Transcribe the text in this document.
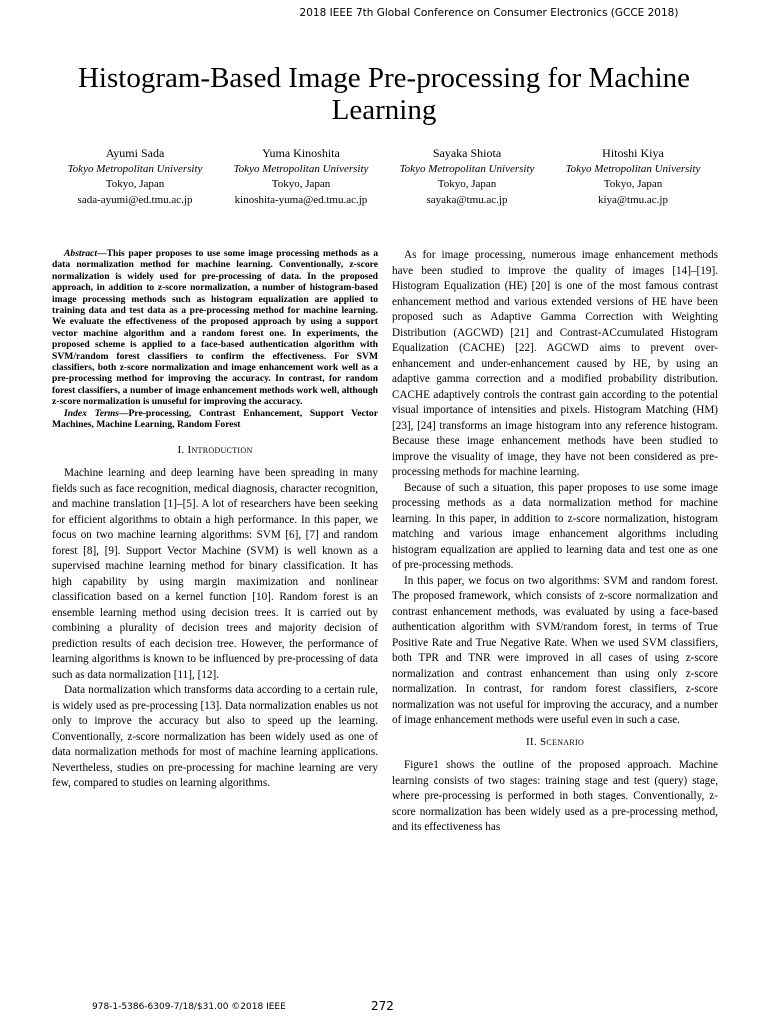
2018 IEEE 7th Global Conference on Consumer Electronics (GCCE 2018)
Histogram-Based Image Pre-processing for Machine Learning
Ayumi Sada
Tokyo Metropolitan University
Tokyo, Japan
sada-ayumi@ed.tmu.ac.jp
Yuma Kinoshita
Tokyo Metropolitan University
Tokyo, Japan
kinoshita-yuma@ed.tmu.ac.jp
Sayaka Shiota
Tokyo Metropolitan University
Tokyo, Japan
sayaka@tmu.ac.jp
Hitoshi Kiya
Tokyo Metropolitan University
Tokyo, Japan
kiya@tmu.ac.jp

Abstract—This paper proposes to use some image processing methods as a data normalization method for machine learning. Conventionally, z-score normalization is widely used for pre-processing of data. In the proposed approach, in addition to z-score normalization, a number of histogram-based image processing methods such as histogram equalization are applied to training data and test data as a pre-processing method for machine learning. We evaluate the effectiveness of the proposed approach by using a support vector machine algorithm and a random forest one. In experiments, the proposed scheme is applied to a face-based authentication algorithm with SVM/random forest classifiers to confirm the effectiveness. For SVM classifiers, both z-score normalization and image enhancement work well as a pre-processing method for improving the accuracy. In contrast, for random forest classifiers, a number of image enhancement methods work well, although z-score normalization is unuseful for improving the accuracy.

Index Terms—Pre-processing, Contrast Enhancement, Support Vector Machines, Machine Learning, Random Forest

I. Introduction

Machine learning and deep learning have been spreading in many fields such as face recognition, medical diagnosis, character recognition, and machine translation [1]–[5]. A lot of researchers have been seeking for efficient algorithms to obtain a high performance. In this paper, we focus on two machine learning algorithms: SVM [6], [7] and random forest [8], [9]. Support Vector Machine (SVM) is well known as a supervised machine learning method for binary classification. It has high capability by using margin maximization and nonlinear classification based on a kernel function [10]. Random forest is an ensemble learning method using decision trees. It is carried out by combining a plurality of decision trees and majority decision of prediction results of each decision tree. However, the performance of learning algorithms is known to be influenced by pre-processing of data such as data normalization [11], [12].

Data normalization which transforms data according to a certain rule, is widely used as pre-processing [13]. Data normalization enables us not only to improve the accuracy but also to speed up the learning. Conventionally, z-score normalization has been widely used as one of data normalization methods for most of machine learning applications. Nevertheless, studies on pre-processing for machine learning are very few, compared to studies on learning algorithms.

As for image processing, numerous image enhancement methods have been studied to improve the quality of images [14]–[19]. Histogram Equalization (HE) [20] is one of the most famous contrast enhancement method and various extended versions of HE have been proposed such as Adaptive Gamma Correction with Weighting Distribution (AGCWD) [21] and Contrast-ACcumulated Histogram Equalization (CACHE) [22]. AGCWD aims to prevent over-enhancement and under-enhancement caused by HE, by using an adaptive gamma correction and a modified probability distribution. CACHE adaptively controls the contrast gain according to the potential visual importance of intensities and pixels. Histogram Matching (HM) [23], [24] transforms an image histogram into any reference histogram. Because these image enhancement methods have been studied to improve the visuality of image, they have not been considered as pre-processing methods for machine learning.

Because of such a situation, this paper proposes to use some image processing methods as a data normalization method for machine learning. In this paper, in addition to z-score normalization, histogram matching and various image enhancement algorithms including histogram equalization are applied to learning data and test one as one of pre-processing methods.

In this paper, we focus on two algorithms: SVM and random forest. The proposed framework, which consists of z-score normalization and contrast enhancement methods, was evaluated by using a face-based authentication algorithm with SVM/random forest, in terms of True Positive Rate and True Negative Rate. When we used SVM classifiers, both TPR and TNR were improved in all cases of using z-score normalization and contrast enhancement than using only z-score normalization. In contrast, for random forest classifiers, z-score normalization was not useful for improving the accuracy, and a number of image enhancement methods were useful even in such a case.

II. Scenario

Figure1 shows the outline of the proposed approach. Machine learning consists of two stages: training stage and test (query) stage, where pre-processing is performed in both stages. Conventionally, z-score normalization has been widely used as a pre-processing method, and its effectiveness has

978-1-5386-6309-7/18/$31.00 ©2018 IEEE	272
